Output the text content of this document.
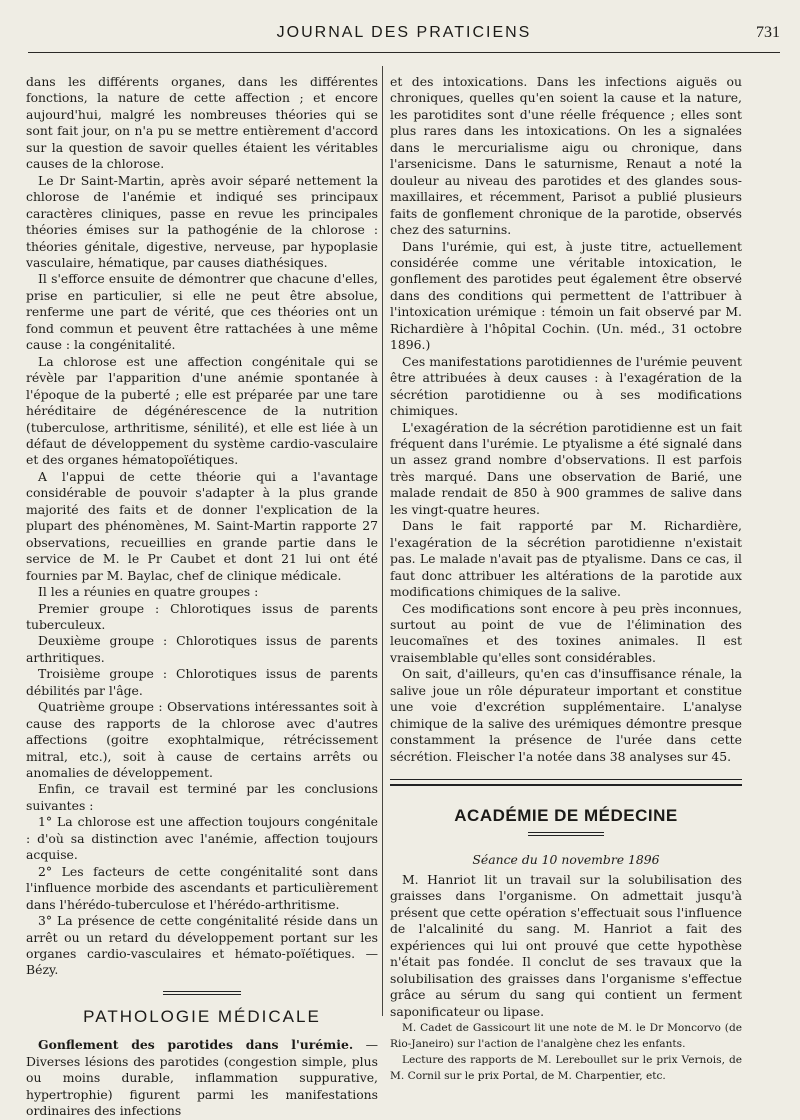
JOURNAL DES PRATICIENS	731

dans les différents organes, dans les différentes fonctions, la nature de cette affection ; et encore aujourd'hui, malgré les nombreuses théories qui se sont fait jour, on n'a pu se mettre entièrement d'accord sur la question de savoir quelles étaient les véritables causes de la chlorose.

Le Dr Saint-Martin, après avoir séparé nettement la chlorose de l'anémie et indiqué ses principaux caractères cliniques, passe en revue les principales théories émises sur la pathogénie de la chlorose : théories génitale, digestive, nerveuse, par hypoplasie vasculaire, hématique, par causes diathésiques.

Il s'efforce ensuite de démontrer que chacune d'elles, prise en particulier, si elle ne peut être absolue, renferme une part de vérité, que ces théories ont un fond commun et peuvent être rattachées à une même cause : la congénitalité.

La chlorose est une affection congénitale qui se révèle par l'apparition d'une anémie spontanée à l'époque de la puberté ; elle est préparée par une tare héréditaire de dégénérescence de la nutrition (tuberculose, arthritisme, sénilité), et elle est liée à un défaut de développement du système cardio-vasculaire et des organes hématopoïétiques.

A l'appui de cette théorie qui a l'avantage considérable de pouvoir s'adapter à la plus grande majorité des faits et de donner l'explication de la plupart des phénomènes, M. Saint-Martin rapporte 27 observations, recueillies en grande partie dans le service de M. le Pr Caubet et dont 21 lui ont été fournies par M. Baylac, chef de clinique médicale.

Il les a réunies en quatre groupes :

Premier groupe : Chlorotiques issus de parents tuberculeux.

Deuxième groupe : Chlorotiques issus de parents arthritiques.

Troisième groupe : Chlorotiques issus de parents débilités par l'âge.

Quatrième groupe : Observations intéressantes soit à cause des rapports de la chlorose avec d'autres affections (goitre exophtalmique, rétrécissement mitral, etc.), soit à cause de certains arrêts ou anomalies de développement.

Enfin, ce travail est terminé par les conclusions suivantes :

1° La chlorose est une affection toujours congénitale : d'où sa distinction avec l'anémie, affection toujours acquise.

2° Les facteurs de cette congénitalité sont dans l'influence morbide des ascendants et particulièrement dans l'hérédo-tuberculose et l'hérédo-arthritisme.

3° La présence de cette congénitalité réside dans un arrêt ou un retard du développement portant sur les organes cardio-vasculaires et hémato-poïétiques. — Bézy.

PATHOLOGIE MÉDICALE

Gonflement des parotides dans l'urémie. — Diverses lésions des parotides (congestion simple, plus ou moins durable, inflammation suppurative, hypertrophie) figurent parmi les manifestations ordinaires des infections

et des intoxications. Dans les infections aiguës ou chroniques, quelles qu'en soient la cause et la nature, les parotidites sont d'une réelle fréquence ; elles sont plus rares dans les intoxications. On les a signalées dans le mercurialisme aigu ou chronique, dans l'arsenicisme. Dans le saturnisme, Renaut a noté la douleur au niveau des parotides et des glandes sous-maxillaires, et récemment, Parisot a publié plusieurs faits de gonflement chronique de la parotide, observés chez des saturnins.

Dans l'urémie, qui est, à juste titre, actuellement considérée comme une véritable intoxication, le gonflement des parotides peut également être observé dans des conditions qui permettent de l'attribuer à l'intoxication urémique : témoin un fait observé par M. Richardière à l'hôpital Cochin. (Un. méd., 31 octobre 1896.)

Ces manifestations parotidiennes de l'urémie peuvent être attribuées à deux causes : à l'exagération de la sécrétion parotidienne ou à ses modifications chimiques.

L'exagération de la sécrétion parotidienne est un fait fréquent dans l'urémie. Le ptyalisme a été signalé dans un assez grand nombre d'observations. Il est parfois très marqué. Dans une observation de Barié, une malade rendait de 850 à 900 grammes de salive dans les vingt-quatre heures.

Dans le fait rapporté par M. Richardière, l'exagération de la sécrétion parotidienne n'existait pas. Le malade n'avait pas de ptyalisme. Dans ce cas, il faut donc attribuer les altérations de la parotide aux modifications chimiques de la salive.

Ces modifications sont encore à peu près inconnues, surtout au point de vue de l'élimination des leucomaïnes et des toxines animales. Il est vraisemblable qu'elles sont considérables.

On sait, d'ailleurs, qu'en cas d'insuffisance rénale, la salive joue un rôle dépurateur important et constitue une voie d'excrétion supplémentaire. L'analyse chimique de la salive des urémiques démontre presque constamment la présence de l'urée dans cette sécrétion. Fleischer l'a notée dans 38 analyses sur 45.

ACADÉMIE DE MÉDECINE
Séance du 10 novembre 1896

M. Hanriot lit un travail sur la solubilisation des graisses dans l'organisme. On admettait jusqu'à présent que cette opération s'effectuait sous l'influence de l'alcalinité du sang. M. Hanriot a fait des expériences qui lui ont prouvé que cette hypothèse n'était pas fondée. Il conclut de ses travaux que la solubilisation des graisses dans l'organisme s'effectue grâce au sérum du sang qui contient un ferment saponificateur ou lipase.

M. Cadet de Gassicourt lit une note de M. le Dr Moncorvo (de Rio-Janeiro) sur l'action de l'analgène chez les enfants.

Lecture des rapports de M. Lereboullet sur le prix Vernois, de M. Cornil sur le prix Portal, de M. Charpentier, etc.
